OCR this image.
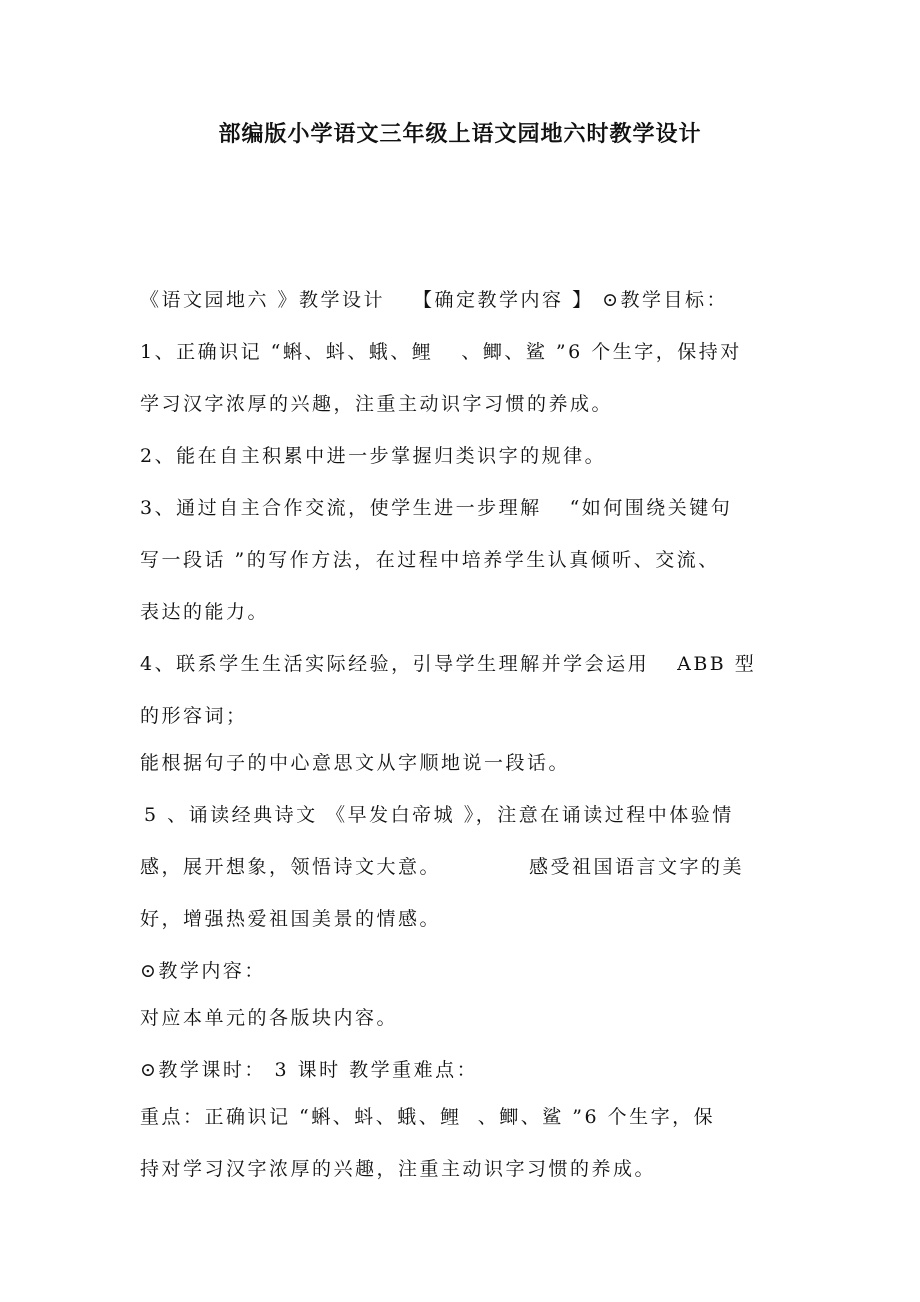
部编版小学语文三年级上语文园地六时教学设计
《语文园地六 》教学设计 【确定教学内容 】 ⊙教学目标：
1、正确识记 “蝌、蚪、蛾、鲤 、鲫、鲨 ”6 个生字，保持对
学习汉字浓厚的兴趣，注重主动识字习惯的养成。
2、能在自主积累中进一步掌握归类识字的规律。
3、通过自主合作交流，使学生进一步理解 “如何围绕关键句
写一段话 ”的写作方法，在过程中培养学生认真倾听、交流、
表达的能力。
4、联系学生生活实际经验，引导学生理解并学会运用 ABB 型
的形容词；
能根据句子的中心意思文从字顺地说一段话。
5 、诵读经典诗文 《早发白帝城 》，注意在诵读过程中体验情
感，展开想象，领悟诗文大意。	感受祖国语言文字的美
好，增强热爱祖国美景的情感。
⊙教学内容：
对应本单元的各版块内容。
⊙教学课时： 3 课时 教学重难点：
重点：正确识记 “蝌、蚪、蛾、鲤 、鲫、鲨 ”6 个生字，保
持对学习汉字浓厚的兴趣，注重主动识字习惯的养成。
